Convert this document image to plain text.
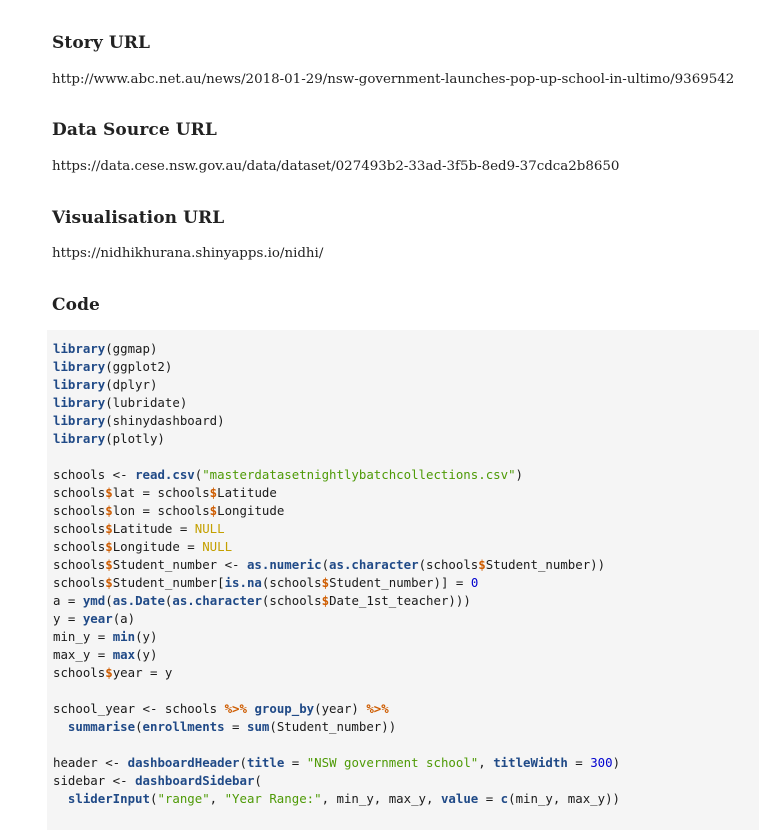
Story URL

http://www.abc.net.au/news/2018-01-29/nsw-government-launches-pop-up-school-in-ultimo/9369542

Data Source URL

https://data.cese.nsw.gov.au/data/dataset/027493b2-33ad-3f5b-8ed9-37cdca2b8650

Visualisation URL

https://nidhikhurana.shinyapps.io/nidhi/

Code
library(ggmap)
library(ggplot2)
library(dplyr)
library(lubridate)
library(shinydashboard)
library(plotly)

schools <- read.csv("masterdatasetnightlybatchcollections.csv")
schools$lat = schools$Latitude
schools$lon = schools$Longitude
schools$Latitude = NULL
schools$Longitude = NULL
schools$Student_number <- as.numeric(as.character(schools$Student_number))
schools$Student_number[is.na(schools$Student_number)] = 0
a = ymd(as.Date(as.character(schools$Date_1st_teacher)))
y = year(a)
min_y = min(y)
max_y = max(y)
schools$year = y

school_year <- schools %>% group_by(year) %>%
summarise(enrollments = sum(Student_number))

header <- dashboardHeader(title = "NSW government school", titleWidth = 300)
sidebar <- dashboardSidebar(
sliderInput("range", "Year Range:", min_y, max_y, value = c(min_y, max_y))
